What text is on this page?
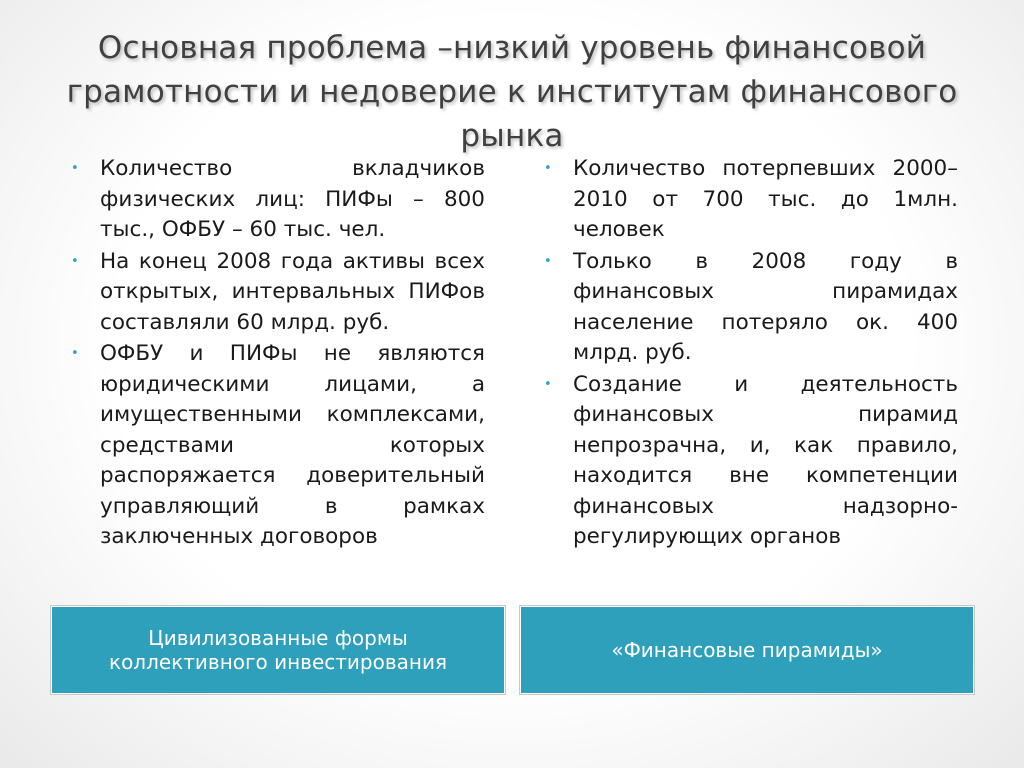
Основная проблема –низкий уровень финансовой грамотности и недоверие к институтам финансового рынка
• Количество вкладчиков физических лиц: ПИФы – 800 тыс., ОФБУ – 60 тыс. чел.
• На конец 2008 года активы всех открытых, интервальных ПИФов составляли 60 млрд. руб.
• ОФБУ и ПИФы не являются юридическими лицами, а имущественными комплексами, средствами которых распоряжается доверительный управляющий в рамках заключенных договоров
• Количество потерпевших 2000–2010 от 700 тыс. до 1млн. человек
• Только в 2008 году в финансовых пирамидах население потеряло ок. 400 млрд. руб.
• Создание и деятельность финансовых пирамид непрозрачна, и, как правило, находится вне компетенции финансовых надзорно-регулирующих органов
Цивилизованные формы
коллективного инвестирования	«Финансовые пирамиды»
